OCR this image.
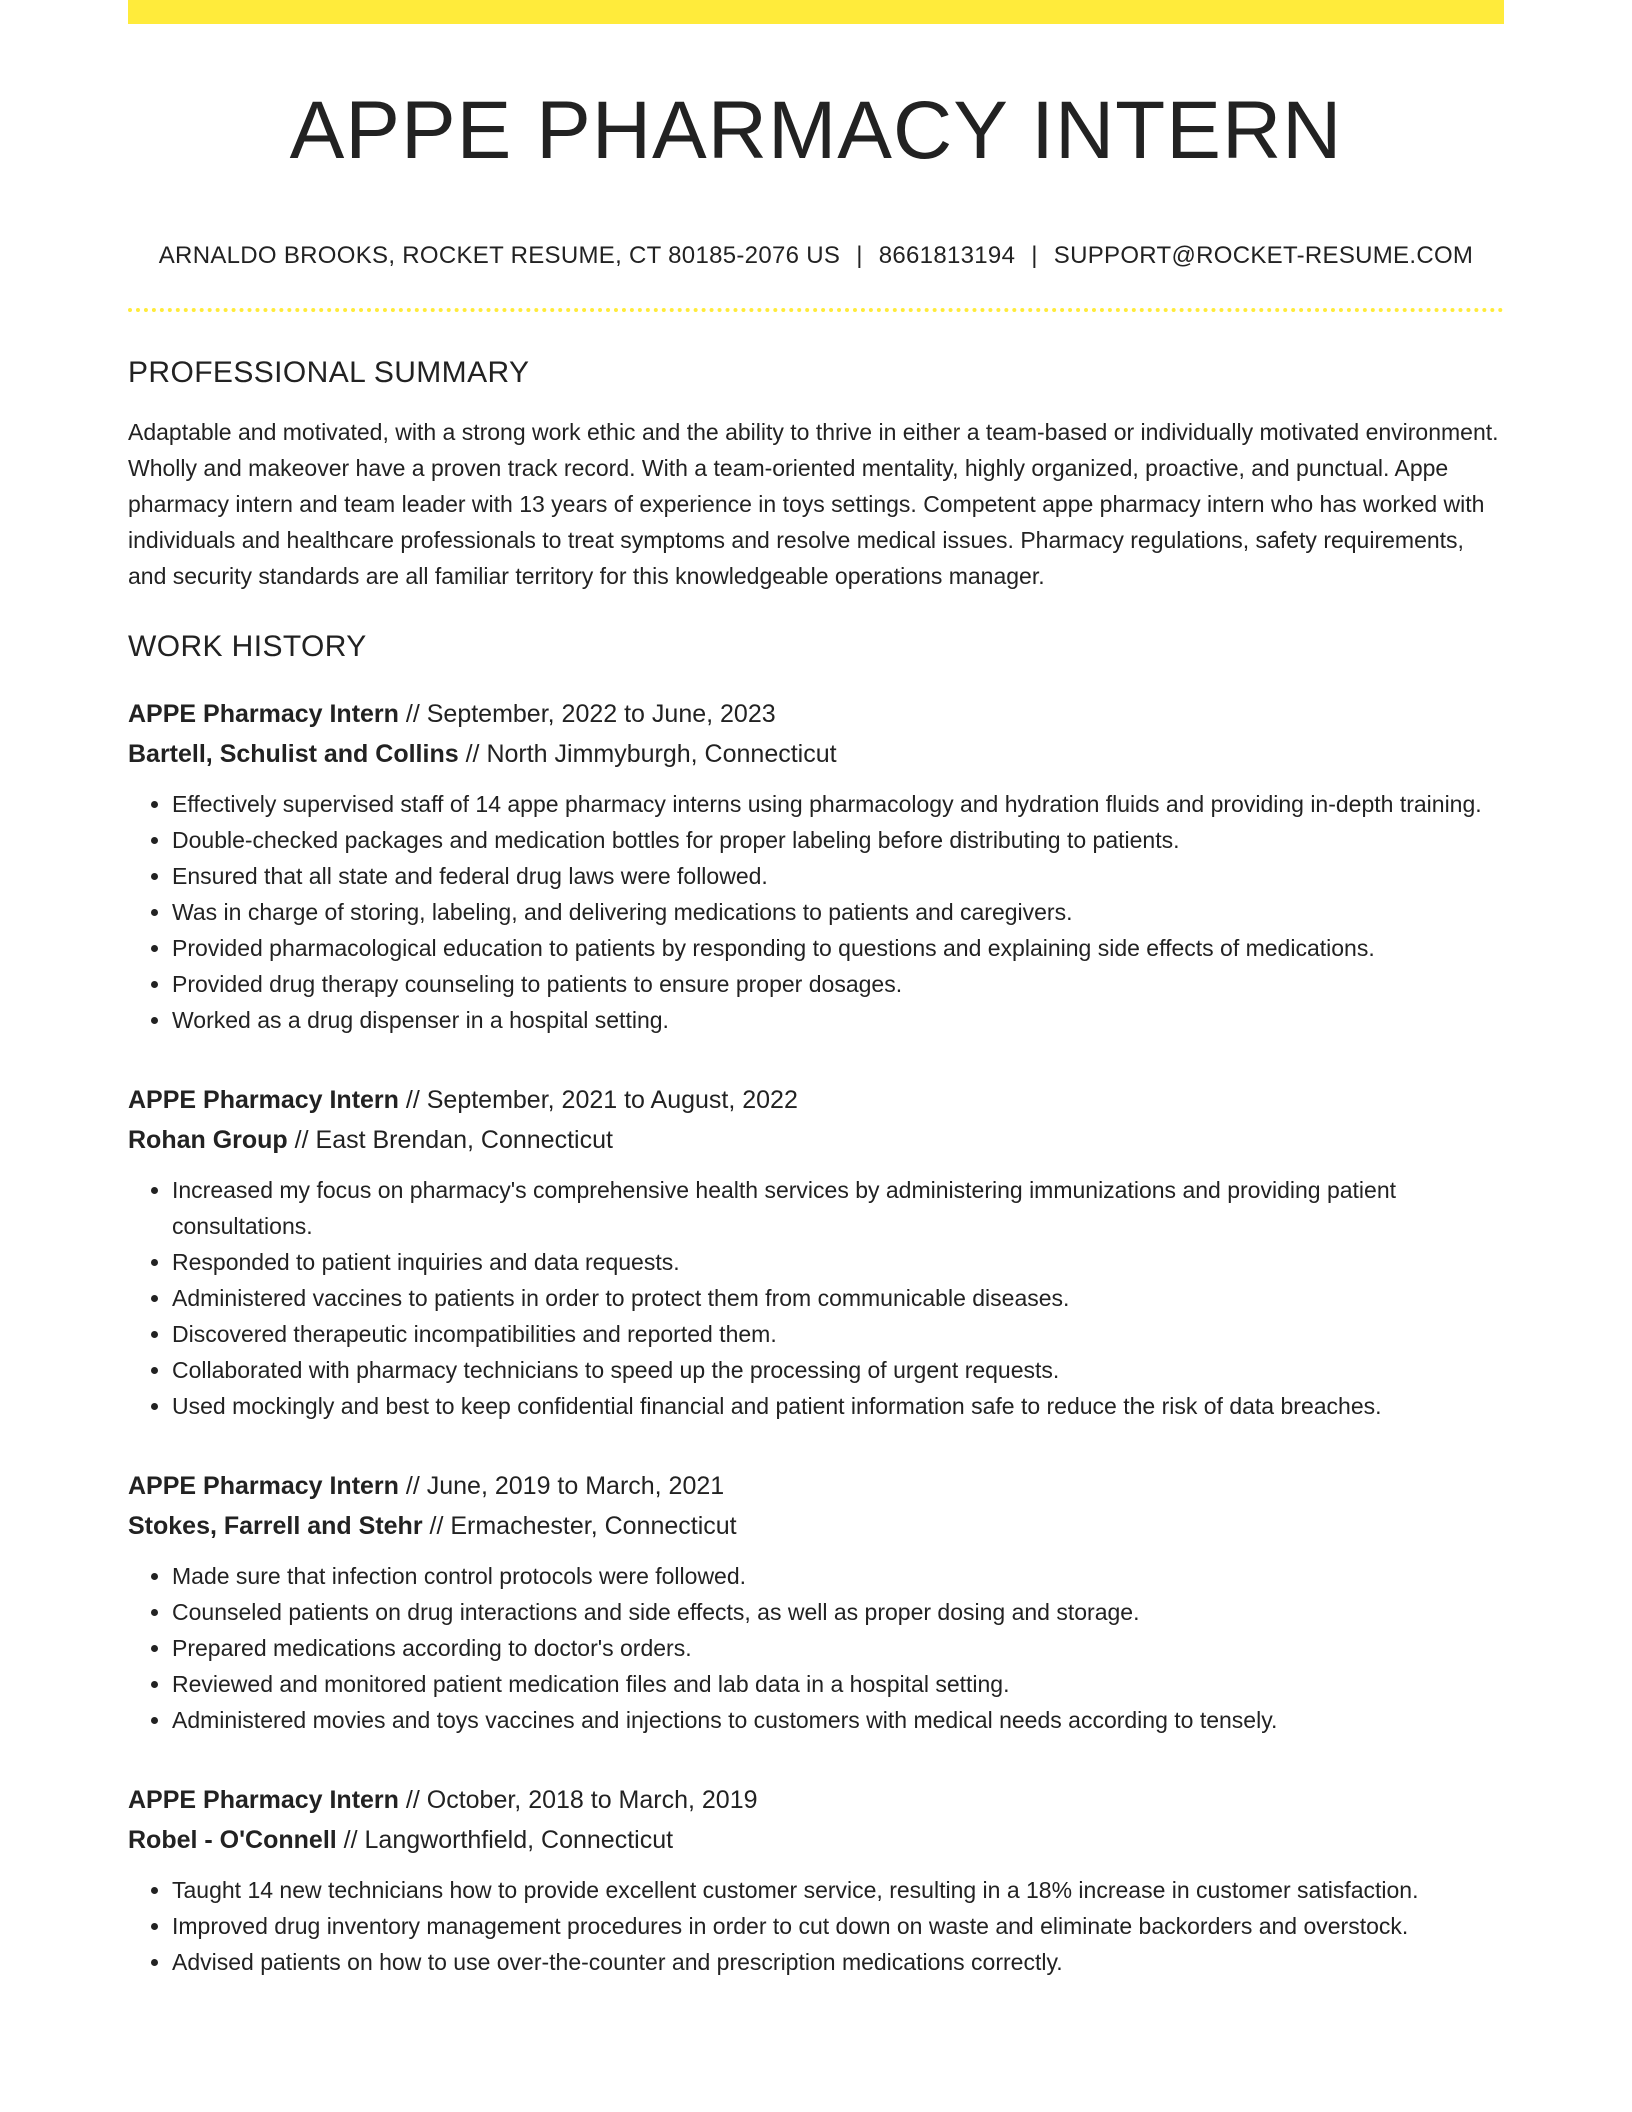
APPE PHARMACY INTERN
ARNALDO BROOKS, ROCKET RESUME, CT 80185-2076 US | 8661813194 | SUPPORT@ROCKET-RESUME.COM
PROFESSIONAL SUMMARY

Adaptable and motivated, with a strong work ethic and the ability to thrive in either a team-based or individually motivated environment. Wholly and makeover have a proven track record. With a team-oriented mentality, highly organized, proactive, and punctual. Appe pharmacy intern and team leader with 13 years of experience in toys settings. Competent appe pharmacy intern who has worked with individuals and healthcare professionals to treat symptoms and resolve medical issues. Pharmacy regulations, safety requirements, and security standards are all familiar territory for this knowledgeable operations manager.

WORK HISTORY
APPE Pharmacy Intern // September, 2022 to June, 2023
Bartell, Schulist and Collins // North Jimmyburgh, Connecticut
• Effectively supervised staff of 14 appe pharmacy interns using pharmacology and hydration fluids and providing in-depth training.
• Double-checked packages and medication bottles for proper labeling before distributing to patients.
• Ensured that all state and federal drug laws were followed.
• Was in charge of storing, labeling, and delivering medications to patients and caregivers.
• Provided pharmacological education to patients by responding to questions and explaining side effects of medications.
• Provided drug therapy counseling to patients to ensure proper dosages.
• Worked as a drug dispenser in a hospital setting.
APPE Pharmacy Intern // September, 2021 to August, 2022
Rohan Group // East Brendan, Connecticut
• Increased my focus on pharmacy's comprehensive health services by administering immunizations and providing patient consultations.
• Responded to patient inquiries and data requests.
• Administered vaccines to patients in order to protect them from communicable diseases.
• Discovered therapeutic incompatibilities and reported them.
• Collaborated with pharmacy technicians to speed up the processing of urgent requests.
• Used mockingly and best to keep confidential financial and patient information safe to reduce the risk of data breaches.
APPE Pharmacy Intern // June, 2019 to March, 2021
Stokes, Farrell and Stehr // Ermachester, Connecticut
• Made sure that infection control protocols were followed.
• Counseled patients on drug interactions and side effects, as well as proper dosing and storage.
• Prepared medications according to doctor's orders.
• Reviewed and monitored patient medication files and lab data in a hospital setting.
• Administered movies and toys vaccines and injections to customers with medical needs according to tensely.
APPE Pharmacy Intern // October, 2018 to March, 2019
Robel - O'Connell // Langworthfield, Connecticut
• Taught 14 new technicians how to provide excellent customer service, resulting in a 18% increase in customer satisfaction.
• Improved drug inventory management procedures in order to cut down on waste and eliminate backorders and overstock.
• Advised patients on how to use over-the-counter and prescription medications correctly.
